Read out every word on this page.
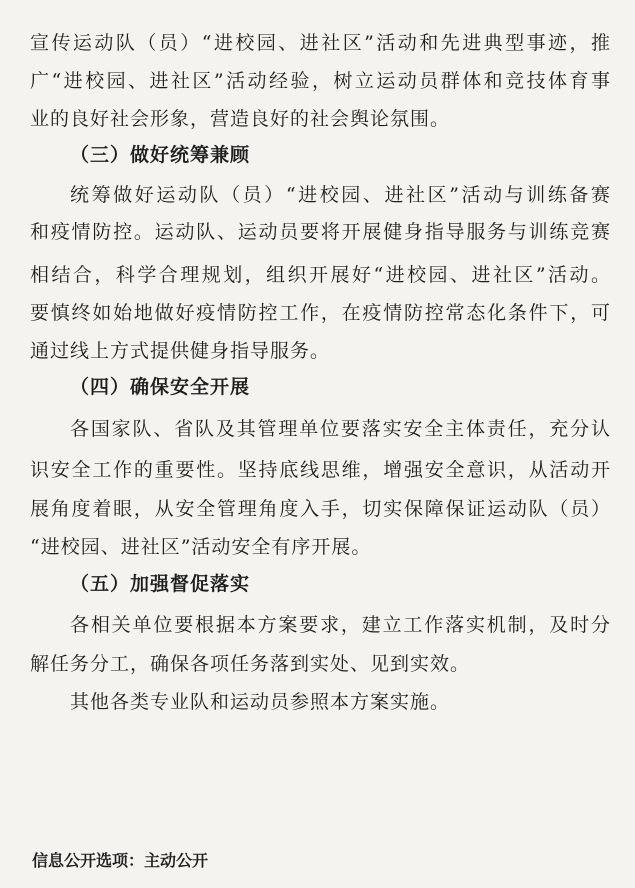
宣传运动队（员）“进校园、进社区”活动和先进典型事迹，推
广“进校园、进社区”活动经验，树立运动员群体和竞技体育事
业的良好社会形象，营造良好的社会舆论氛围。
（三）做好统筹兼顾
统筹做好运动队（员）“进校园、进社区”活动与训练备赛
和疫情防控。运动队、运动员要将开展健身指导服务与训练竞赛
相结合，科学合理规划，组织开展好“进校园、进社区”活动。
要慎终如始地做好疫情防控工作，在疫情防控常态化条件下，可
通过线上方式提供健身指导服务。
（四）确保安全开展
各国家队、省队及其管理单位要落实安全主体责任，充分认
识安全工作的重要性。坚持底线思维，增强安全意识，从活动开
展角度着眼，从安全管理角度入手，切实保障保证运动队（员）
“进校园、进社区”活动安全有序开展。
（五）加强督促落实
各相关单位要根据本方案要求，建立工作落实机制，及时分
解任务分工，确保各项任务落到实处、见到实效。
其他各类专业队和运动员参照本方案实施。
信息公开选项：主动公开
